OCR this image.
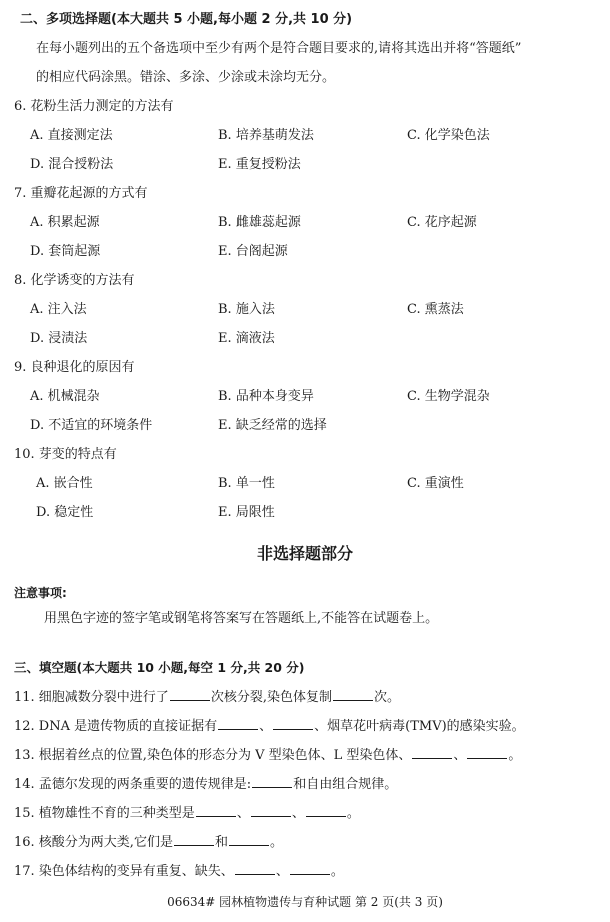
二、多项选择题(本大题共 5 小题,每小题 2 分,共 10 分)
在每小题列出的五个备选项中至少有两个是符合题目要求的,请将其选出并将“答题纸”
的相应代码涂黑。错涂、多涂、少涂或未涂均无分。
6. 花粉生活力测定的方法有
A. 直接测定法	B. 培养基萌发法	C. 化学染色法
D. 混合授粉法	E. 重复授粉法
7. 重瓣花起源的方式有
A. 积累起源	B. 雌雄蕊起源	C. 花序起源
D. 套筒起源	E. 台阁起源
8. 化学诱变的方法有
A. 注入法	B. 施入法	C. 熏蒸法
D. 浸渍法	E. 滴液法
9. 良种退化的原因有
A. 机械混杂	B. 品种本身变异	C. 生物学混杂
D. 不适宜的环境条件	E. 缺乏经常的选择
10. 芽变的特点有
A. 嵌合性	B. 单一性	C. 重演性
D. 稳定性	E. 局限性
非选择题部分
注意事项:
用黑色字迹的签字笔或钢笔将答案写在答题纸上,不能答在试题卷上。
三、填空题(本大题共 10 小题,每空 1 分,共 20 分)
11. 细胞减数分裂中进行了	次核分裂,染色体复制	次。
12. DNA 是遗传物质的直接证据有	、	、烟草花叶病毒(TMV)的感染实验。
13. 根据着丝点的位置,染色体的形态分为 V 型染色体、L 型染色体、	、	。
14. 孟德尔发现的两条重要的遗传规律是:	和自由组合规律。
15. 植物雄性不育的三种类型是	、	、	。
16. 核酸分为两大类,它们是	和	。
17. 染色体结构的变异有重复、缺失、	、	。
06634# 园林植物遗传与育种试题 第 2 页(共 3 页)
